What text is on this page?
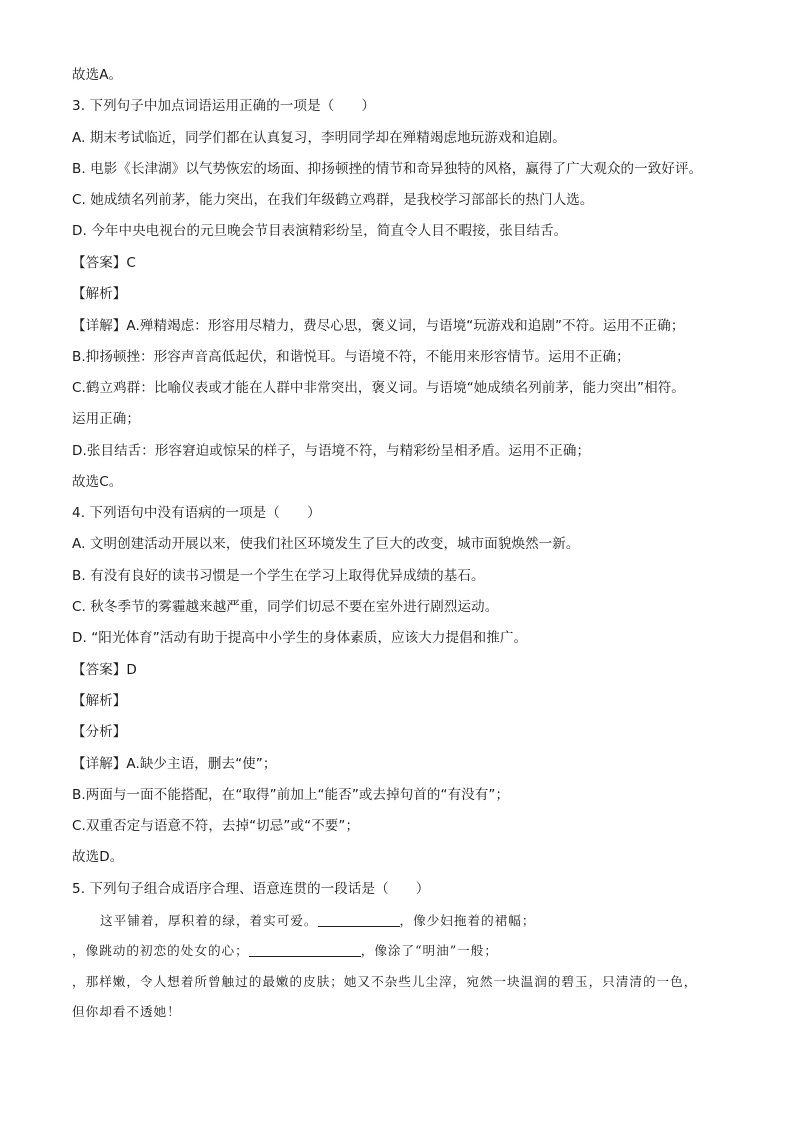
故选A。
3. 下列句子中加点词语运用正确的一项是（　　）
A. 期末考试临近，同学们都在认真复习，李明同学却在殚精竭虑地玩游戏和追剧。
B. 电影《长津湖》以气势恢宏的场面、抑扬顿挫的情节和奇异独特的风格，赢得了广大观众的一致好评。
C. 她成绩名列前茅，能力突出，在我们年级鹤立鸡群，是我校学习部部长的热门人选。
D. 今年中央电视台的元旦晚会节目表演精彩纷呈，简直令人目不暇接，张目结舌。
【答案】C
【解析】
【详解】A.殚精竭虑：形容用尽精力，费尽心思，褒义词，与语境“玩游戏和追剧”不符。运用不正确；
B.抑扬顿挫：形容声音高低起伏，和谐悦耳。与语境不符，不能用来形容情节。运用不正确；
C.鹤立鸡群：比喻仪表或才能在人群中非常突出，褒义词。与语境“她成绩名列前茅，能力突出”相符。
运用正确；
D.张目结舌：形容窘迫或惊呆的样子，与语境不符，与精彩纷呈相矛盾。运用不正确；
故选C。
4. 下列语句中没有语病的一项是（　　）
A. 文明创建活动开展以来，使我们社区环境发生了巨大的改变，城市面貌焕然一新。
B. 有没有良好的读书习惯是一个学生在学习上取得优异成绩的基石。
C. 秋冬季节的雾霾越来越严重，同学们切忌不要在室外进行剧烈运动。
D. “阳光体育”活动有助于提高中小学生的身体素质，应该大力提倡和推广。
【答案】D
【解析】
【分析】
【详解】A.缺少主语，删去“使”；
B.两面与一面不能搭配，在“取得”前加上“能否”或去掉句首的“有没有”；
C.双重否定与语意不符，去掉“切忌”或“不要”；
故选D。
5. 下列句子组合成语序合理、语意连贯的一段话是（　　）
这平铺着，厚积着的绿，着实可爱。	，像少妇拖着的裙幅；
，像跳动的初恋的处女的心；	，像涂了“明油”一般；
，那样嫩，令人想着所曾触过的最嫩的皮肤；她又不杂些儿尘滓，宛然一块温润的碧玉，只清清的一色，
但你却看不透她！
